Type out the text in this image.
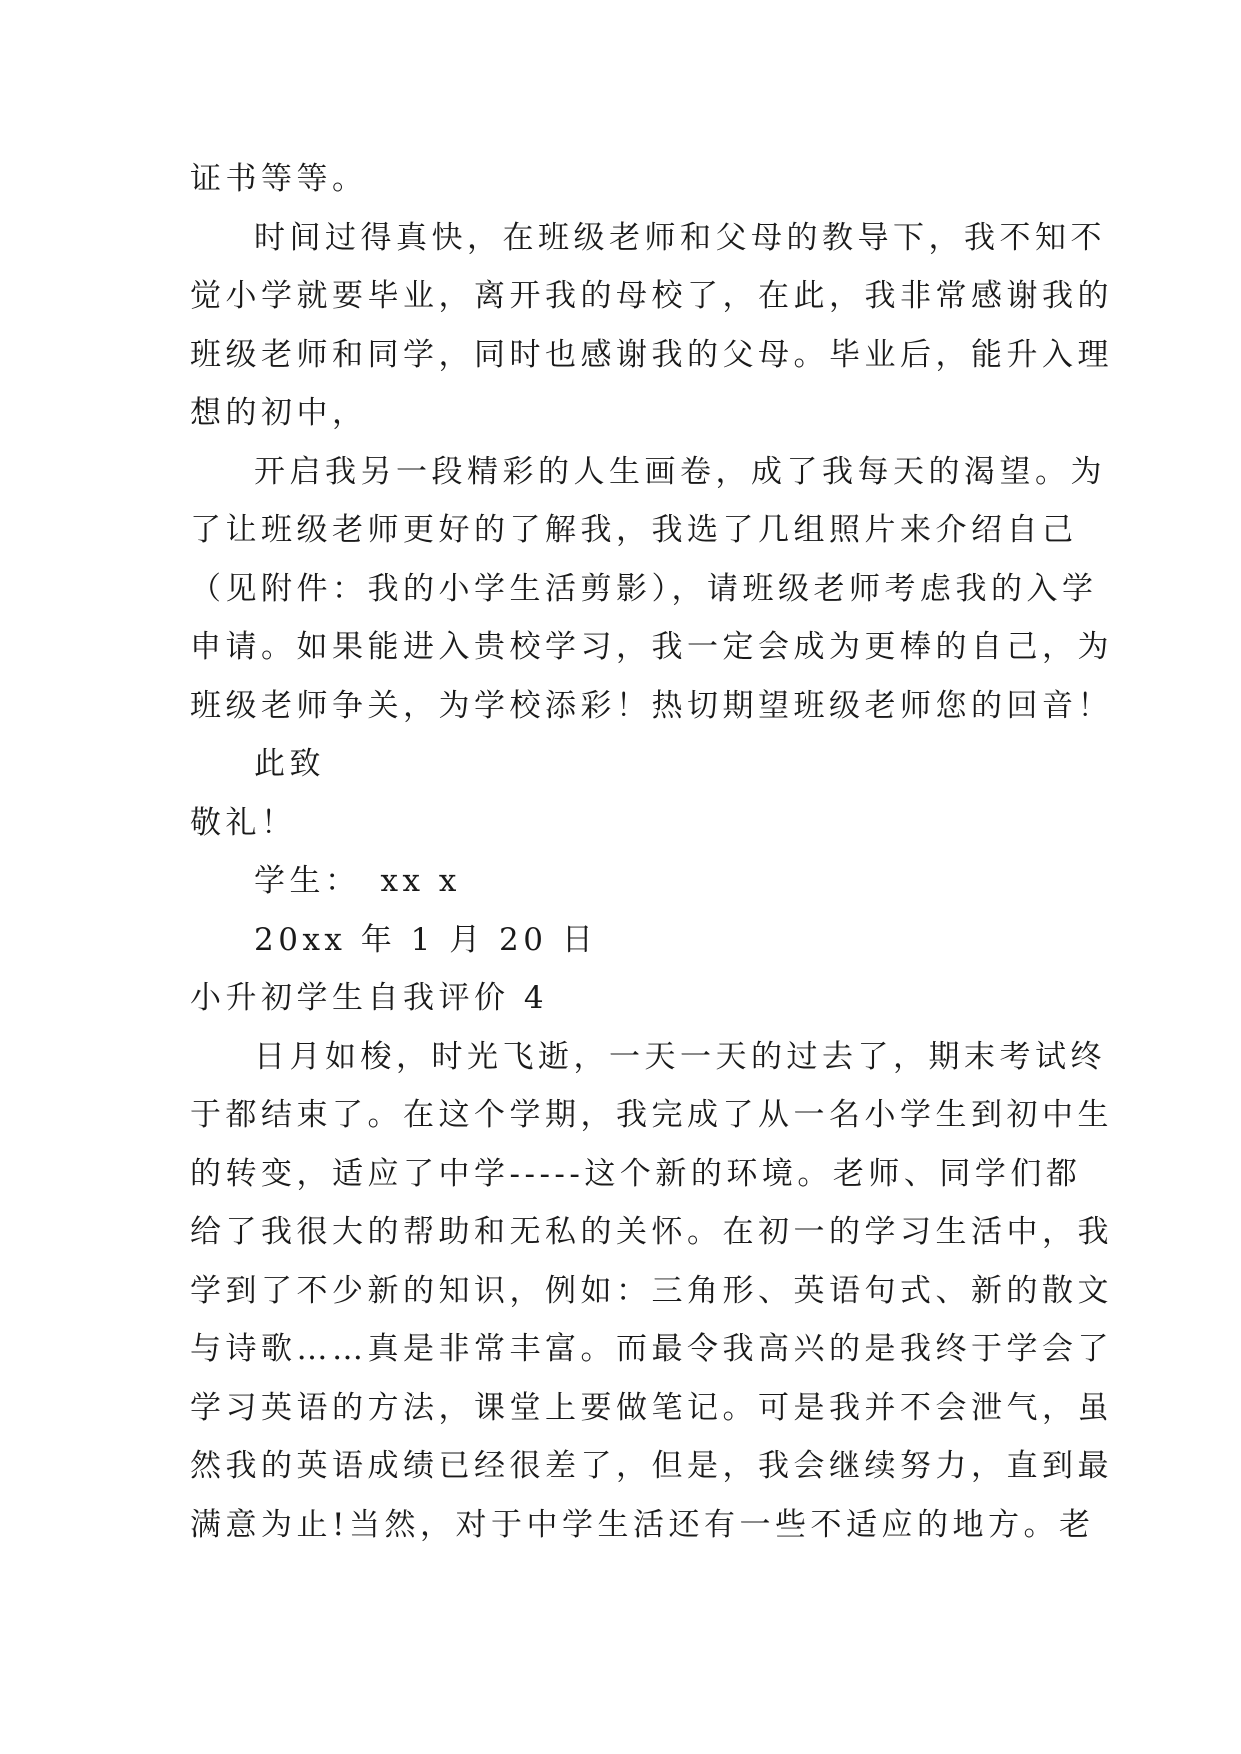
证书等等。

时间过得真快，在班级老师和父母的教导下，我不知不

觉小学就要毕业，离开我的母校了，在此，我非常感谢我的

班级老师和同学，同时也感谢我的父母。毕业后，能升入理

想的初中，

开启我另一段精彩的人生画卷，成了我每天的渴望。为

了让班级老师更好的了解我，我选了几组照片来介绍自己

（见附件：我的小学生活剪影），请班级老师考虑我的入学

申请。如果能进入贵校学习，我一定会成为更棒的自己，为

班级老师争关，为学校添彩！热切期望班级老师您的回音！

此致

敬礼！

学生：　xx x

20xx 年 1 月 20 日

小升初学生自我评价 4

日月如梭，时光飞逝，一天一天的过去了，期末考试终

于都结束了。在这个学期，我完成了从一名小学生到初中生

的转变，适应了中学-----这个新的环境。老师、同学们都

给了我很大的帮助和无私的关怀。在初一的学习生活中，我

学到了不少新的知识，例如：三角形、英语句式、新的散文

与诗歌……真是非常丰富。而最令我高兴的是我终于学会了

学习英语的方法，课堂上要做笔记。可是我并不会泄气，虽

然我的英语成绩已经很差了，但是，我会继续努力，直到最

满意为止!当然，对于中学生活还有一些不适应的地方。老
